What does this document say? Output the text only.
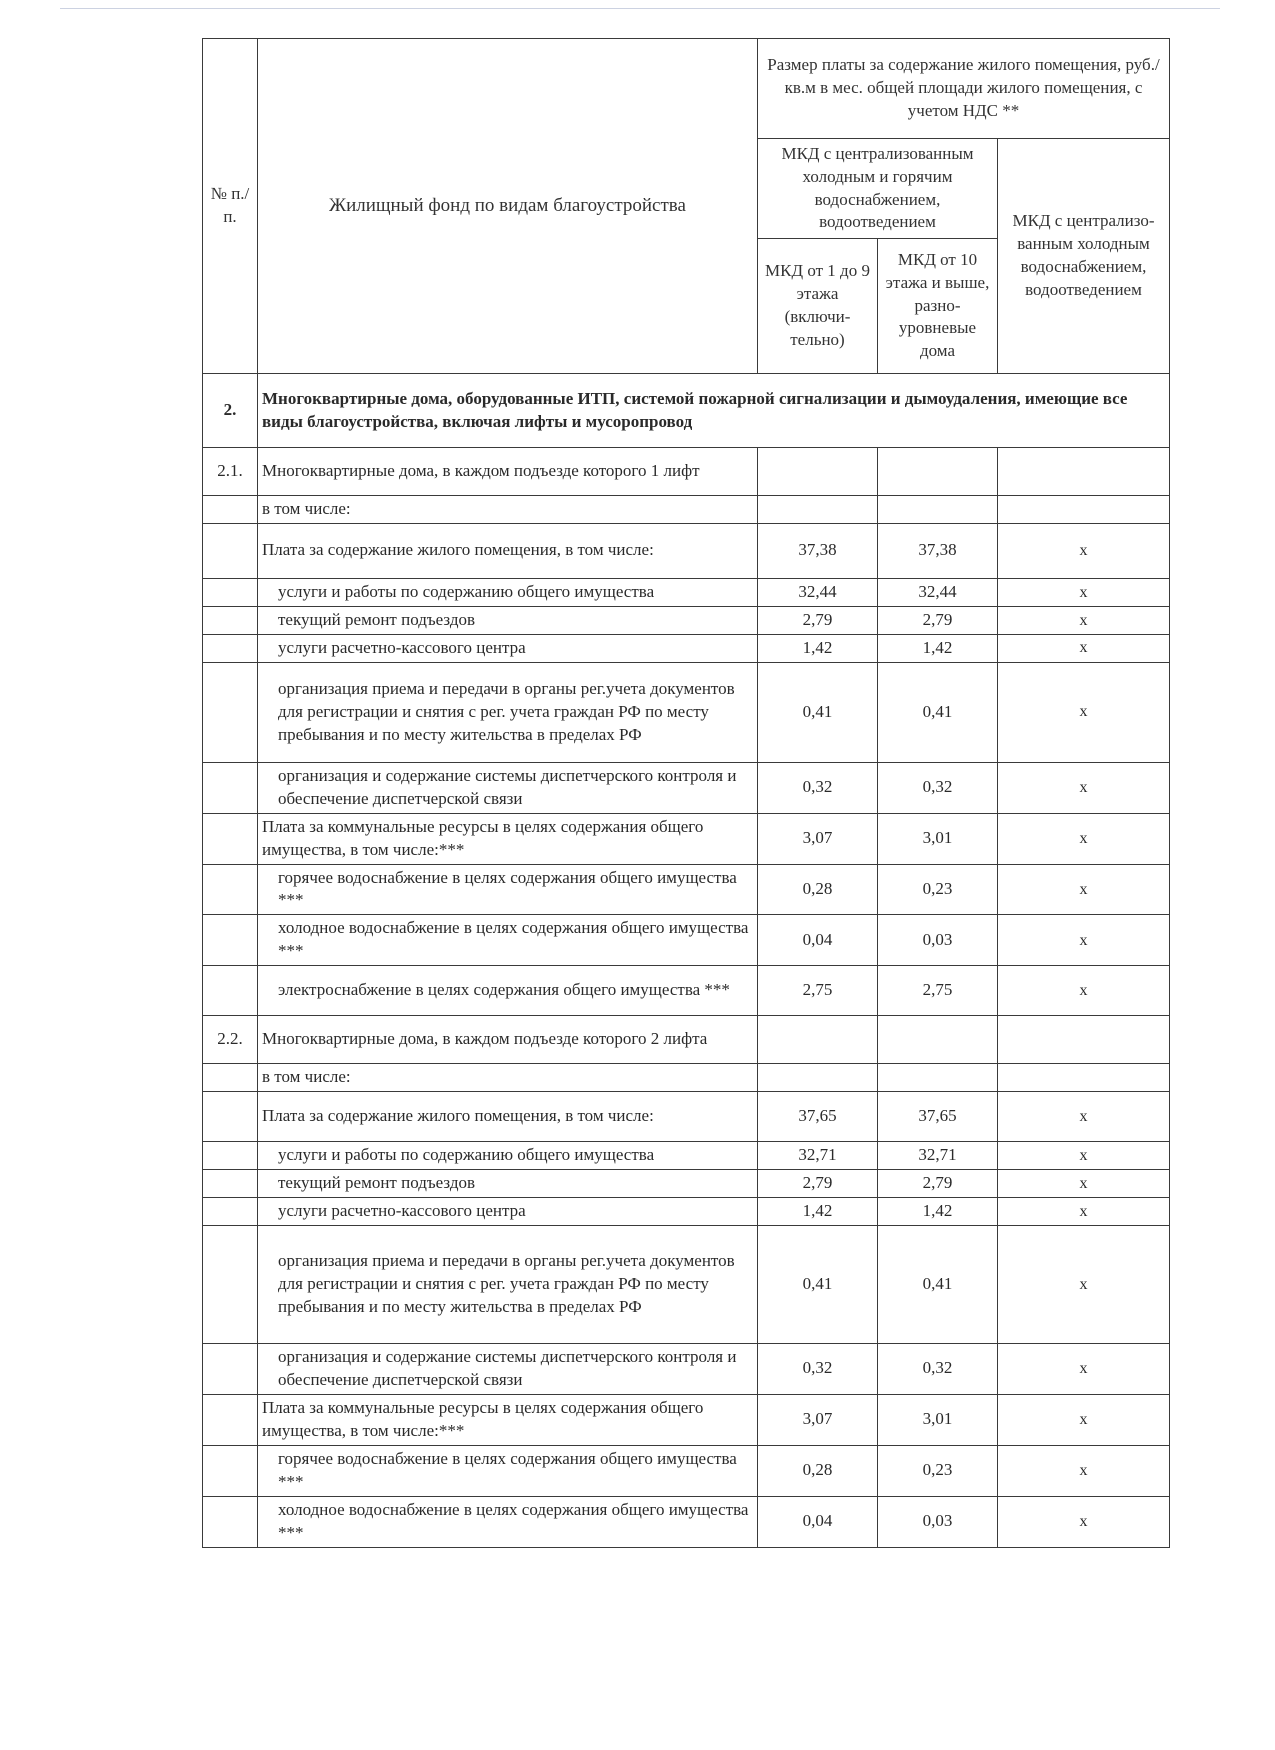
№ п./п.	Жилищный фонд по видам благоустройства	Размер платы за содержание жилого помещения, руб./кв.м в мес. общей площади жилого помещения, с учетом НДС **		
		МКД с централизованным холодным и горячим водоснабжением, водоотведением		МКД с централизо-ванным холодным водоснабжением, водоотведением
		МКД от 1 до 9 этажа (включи-тельно)	МКД от 10 этажа и выше, разно-уровневые дома	
2.	Многоквартирные дома, оборудованные ИТП, системой пожарной сигнализации и дымоудаления, имеющие все виды благоустройства, включая лифты и мусоропровод			
2.1.	Многоквартирные дома, в каждом подъезде которого 1 лифт			
	в том числе:			
	Плата за содержание жилого помещения, в том числе:	37,38	37,38	x
	услуги и работы по содержанию общего имущества	32,44	32,44	x
	текущий ремонт подъездов	2,79	2,79	x
	услуги расчетно-кассового центра	1,42	1,42	x
	организация приема и передачи в органы рег.учета документов для регистрации и снятия с рег. учета граждан РФ по месту пребывания и по месту жительства в пределах РФ	0,41	0,41	x
	организация и содержание системы диспетчерского контроля и обеспечение диспетчерской связи	0,32	0,32	x
	Плата за коммунальные ресурсы в целях содержания общего имущества, в том числе:***	3,07	3,01	x
	горячее водоснабжение в целях содержания общего имущества ***	0,28	0,23	x
	холодное водоснабжение в целях содержания общего имущества ***	0,04	0,03	x
	электроснабжение в целях содержания общего имущества ***	2,75	2,75	x
2.2.	Многоквартирные дома, в каждом подъезде которого 2 лифта			
	в том числе:			
	Плата за содержание жилого помещения, в том числе:	37,65	37,65	x
	услуги и работы по содержанию общего имущества	32,71	32,71	x
	текущий ремонт подъездов	2,79	2,79	x
	услуги расчетно-кассового центра	1,42	1,42	x
	организация приема и передачи в органы рег.учета документов для регистрации и снятия с рег. учета граждан РФ по месту пребывания и по месту жительства в пределах РФ	0,41	0,41	x
	организация и содержание системы диспетчерского контроля и обеспечение диспетчерской связи	0,32	0,32	x
	Плата за коммунальные ресурсы в целях содержания общего имущества, в том числе:***	3,07	3,01	x
	горячее водоснабжение в целях содержания общего имущества ***	0,28	0,23	x
	холодное водоснабжение в целях содержания общего имущества ***	0,04	0,03	x
